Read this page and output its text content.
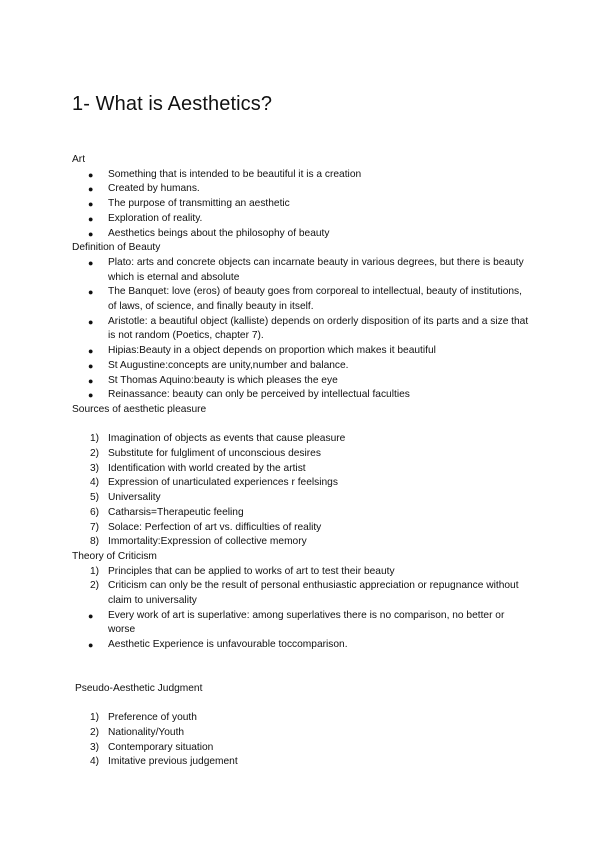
1- What is Aesthetics?

Art

● Something that is intended to be beautiful it is a creation
● Created by humans.
● The purpose of transmitting an aesthetic
● Exploration of reality.
● Aesthetics beings about the philosophy of beauty

Definition of Beauty

● Plato: arts and concrete objects can incarnate beauty in various degrees, but there is beauty which is eternal and absolute
● The Banquet: love (eros) of beauty goes from corporeal to intellectual, beauty of institutions, of laws, of science, and finally beauty in itself.
● Aristotle: a beautiful object (kalliste) depends on orderly disposition of its parts and a size that is not random (Poetics, chapter 7).
● Hipias:Beauty in a object depends on proportion which makes it beautiful
● St Augustine:concepts are unity,number and balance.
● St Thomas Aquino:beauty is which pleases the eye
● Reinassance: beauty can only be perceived by intellectual faculties

Sources of aesthetic pleasure

1) Imagination of objects as events that cause pleasure
2) Substitute for fulgliment of unconscious desires
3) Identification with world created by the artist
4) Expression of unarticulated experiences r feelsings
5) Universality
6) Catharsis=Therapeutic feeling
7) Solace: Perfection of art vs. difficulties of reality
8) Immortality:Expression of collective memory

Theory of Criticism

1) Principles that can be applied to works of art to test their beauty
2) Criticism can only be the result of personal enthusiastic appreciation or repugnance without claim to universality
● Every work of art is superlative: among superlatives there is no comparison, no better or worse
● Aesthetic Experience is unfavourable toccomparison.

Pseudo-Aesthetic Judgment

1) Preference of youth
2) Nationality/Youth
3) Contemporary situation
4) Imitative previous judgement
